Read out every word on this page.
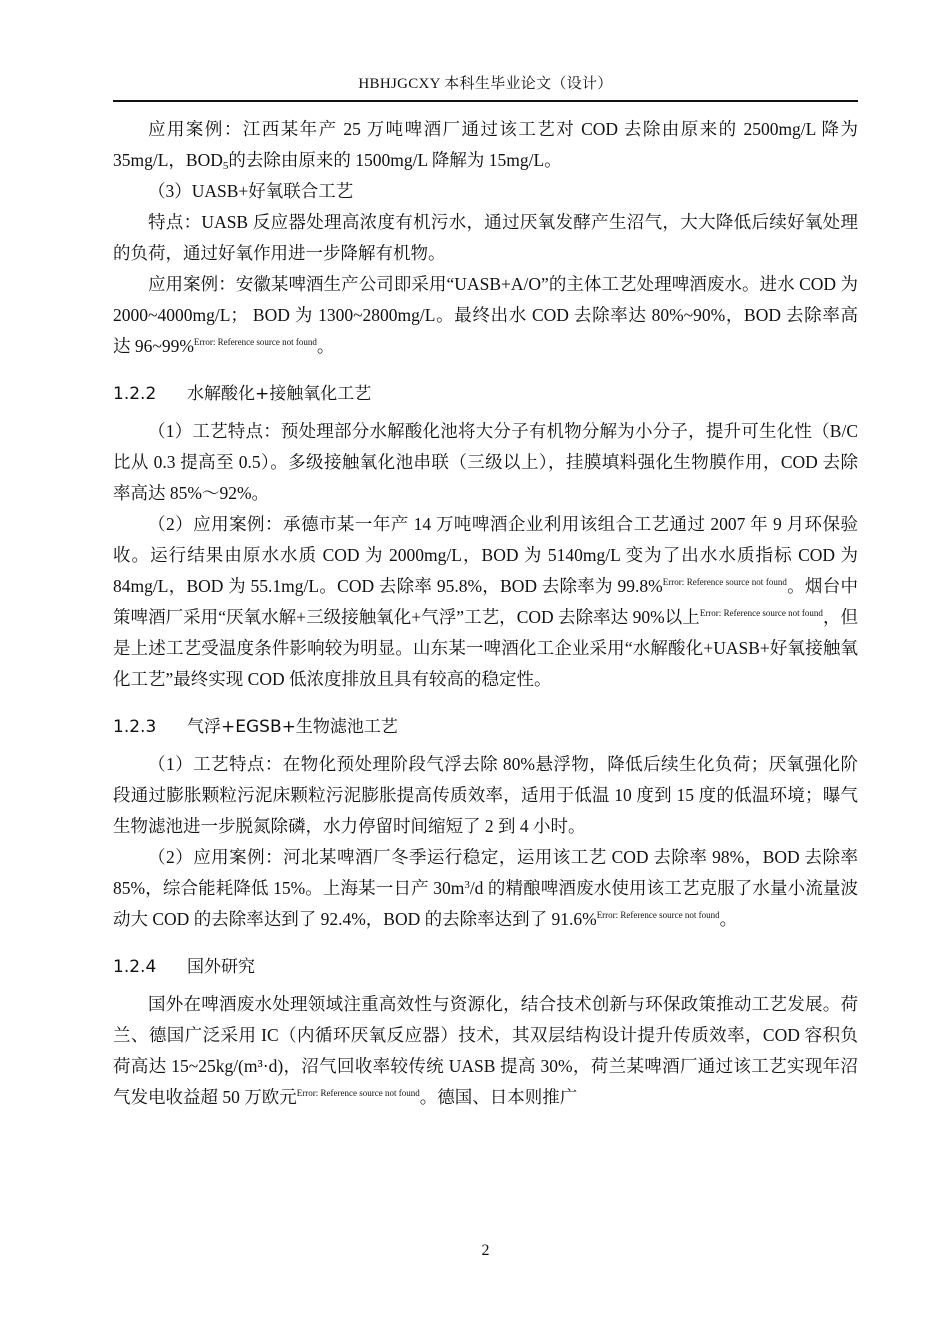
HBHJGCXY 本科生毕业论文（设计）

应用案例：江西某年产 25 万吨啤酒厂通过该工艺对 COD 去除由原来的 2500mg/L 降为 35mg/L，$BOD_5$的去除由原来的 1500mg/L 降解为 15mg/L。

（3）UASB+好氧联合工艺

特点：UASB 反应器处理高浓度有机污水，通过厌氧发酵产生沼气，大大降低后续好氧处理的负荷，通过好氧作用进一步降解有机物。

应用案例：安徽某啤酒生产公司即采用“UASB+A/O”的主体工艺处理啤酒废水。进水 COD 为 2000~4000mg/L； BOD 为 1300~2800mg/L。最终出水 COD 去除率达 80%~90%，BOD 去除率高达 96~99%$^{Error: Reference source not found}$。

1.2.2 水解酸化+接触氧化工艺

（1）工艺特点：预处理部分水解酸化池将大分子有机物分解为小分子，提升可生化性（B/C 比从 0.3 提高至 0.5）。多级接触氧化池串联（三级以上），挂膜填料强化生物膜作用，COD 去除率高达 85%～92%。

（2）应用案例：承德市某一年产 14 万吨啤酒企业利用该组合工艺通过 2007 年 9 月环保验收。运行结果由原水水质 COD 为 2000mg/L，BOD 为 5140mg/L 变为了出水水质指标 COD 为 84mg/L，BOD 为 55.1mg/L。COD 去除率 95.8%，BOD 去除率为 99.8%$^{Error: Reference source not found}$。烟台中策啤酒厂采用“厌氧水解+三级接触氧化+气浮”工艺，COD 去除率达 90%以上$^{Error: Reference source not found}$，但是上述工艺受温度条件影响较为明显。山东某一啤酒化工企业采用“水解酸化+UASB+好氧接触氧化工艺”最终实现 COD 低浓度排放且具有较高的稳定性。

1.2.3 气浮+EGSB+生物滤池工艺

（1）工艺特点：在物化预处理阶段气浮去除 80%悬浮物，降低后续生化负荷；厌氧强化阶段通过膨胀颗粒污泥床颗粒污泥膨胀提高传质效率，适用于低温 10 度到 15 度的低温环境；曝气生物滤池进一步脱氮除磷，水力停留时间缩短了 2 到 4 小时。

（2）应用案例：河北某啤酒厂冬季运行稳定，运用该工艺 COD 去除率 98%，BOD 去除率 85%，综合能耗降低 15%。上海某一日产 $30m^3/d$ 的精酿啤酒废水使用该工艺克服了水量小流量波动大 COD 的去除率达到了 92.4%，BOD 的去除率达到了 91.6%$^{Error: Reference source not found}$。

1.2.4 国外研究

国外在啤酒废水处理领域注重高效性与资源化，结合技术创新与环保政策推动工艺发展。荷兰、德国广泛采用 IC（内循环厌氧反应器）技术，其双层结构设计提升传质效率，COD 容积负荷高达 15~25kg/(m³·d)，沼气回收率较传统 UASB 提高 30%，荷兰某啤酒厂通过该工艺实现年沼气发电收益超 50 万欧元$^{Error: Reference source not found}$。德国、日本则推广

2
